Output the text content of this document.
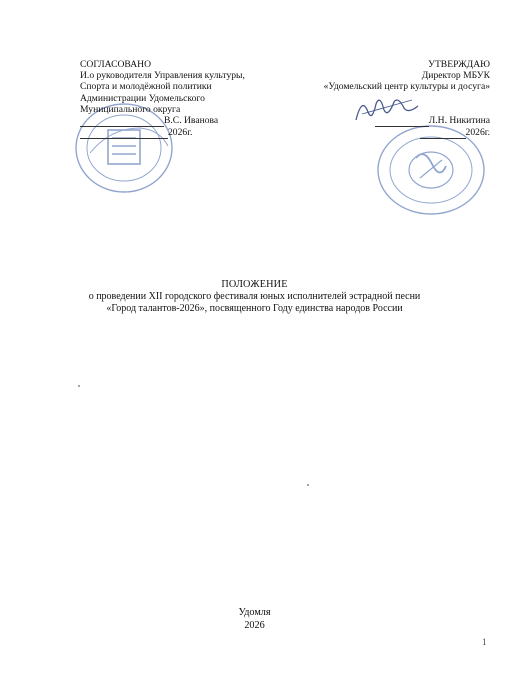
СОГЛАСОВАНО
И.о руководителя Управления культуры,
Спорта и молодёжной политики
Администрации Удомельского
Муниципального округа
В.С. Иванова
2026г.
УТВЕРЖДАЮ
Директор МБУК
«Удомельский центр культуры и досуга»

Л.Н. Никитина
2026г.
ПОЛОЖЕНИЕ
о проведении XII городского фестиваля юных исполнителей эстрадной песни
«Город талантов-2026», посвященного Году единства народов России
Удомля
2026
1
